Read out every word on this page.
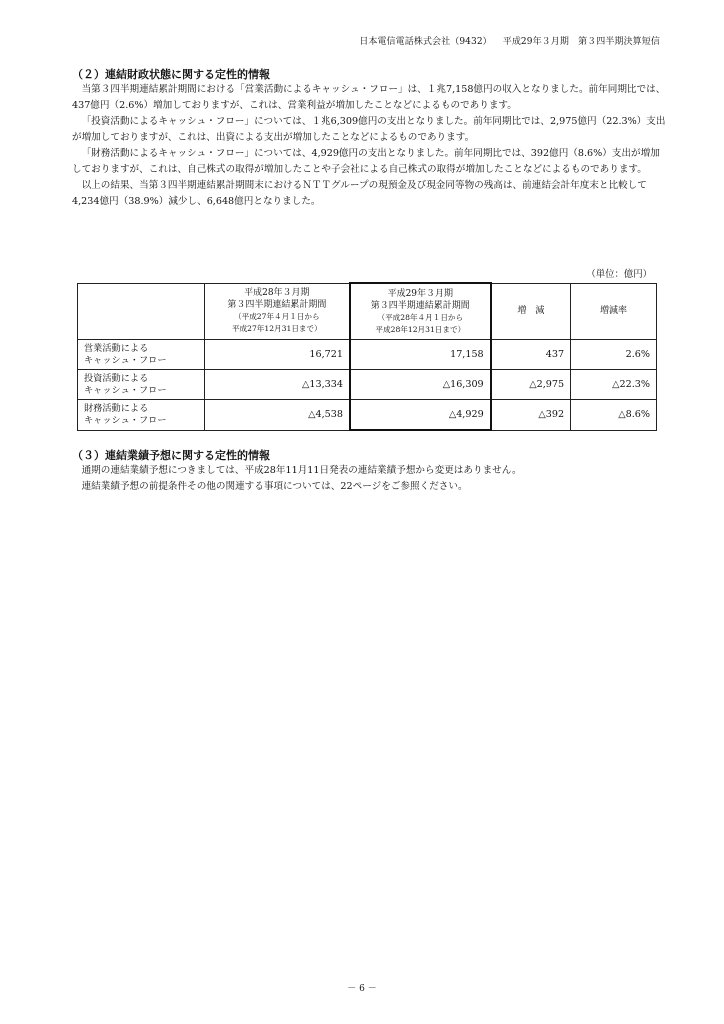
日本電信電話株式会社（9432） 平成29年３月期　第３四半期決算短信
（２）連結財政状態に関する定性的情報

当第３四半期連結累計期間における「営業活動によるキャッシュ・フロー」は、１兆7,158億円の収入となりました。前年同期比では、437億円（2.6%）増加しておりますが、これは、営業利益が増加したことなどによるものであります。

「投資活動によるキャッシュ・フロー」については、１兆6,309億円の支出となりました。前年同期比では、2,975億円（22.3%）支出が増加しておりますが、これは、出資による支出が増加したことなどによるものであります。

「財務活動によるキャッシュ・フロー」については、4,929億円の支出となりました。前年同期比では、392億円（8.6%）支出が増加しておりますが、これは、自己株式の取得が増加したことや子会社による自己株式の取得が増加したことなどによるものであります。

以上の結果、当第３四半期連結累計期間末におけるＮＴＴグループの現預金及び現金同等物の残高は、前連結会計年度末と比較して4,234億円（38.9%）減少し、6,648億円となりました。

（単位：億円）
	平成28年３月期
第３四半期連結累計期間
（平成27年４月１日から
平成27年12月31日まで）	平成29年３月期
第３四半期連結累計期間
（平成28年４月１日から
平成28年12月31日まで）	増　減	増減率
営業活動による
キャッシュ・フロー	16,721	17,158	437	2.6%
投資活動による
キャッシュ・フロー	△13,334	△16,309	△2,975	△22.3%
財務活動による
キャッシュ・フロー	△4,538	△4,929	△392	△8.6%
（３）連結業績予想に関する定性的情報

通期の連結業績予想につきましては、平成28年11月11日発表の連結業績予想から変更はありません。

連結業績予想の前提条件その他の関連する事項については、22ページをご参照ください。

－ 6 －
